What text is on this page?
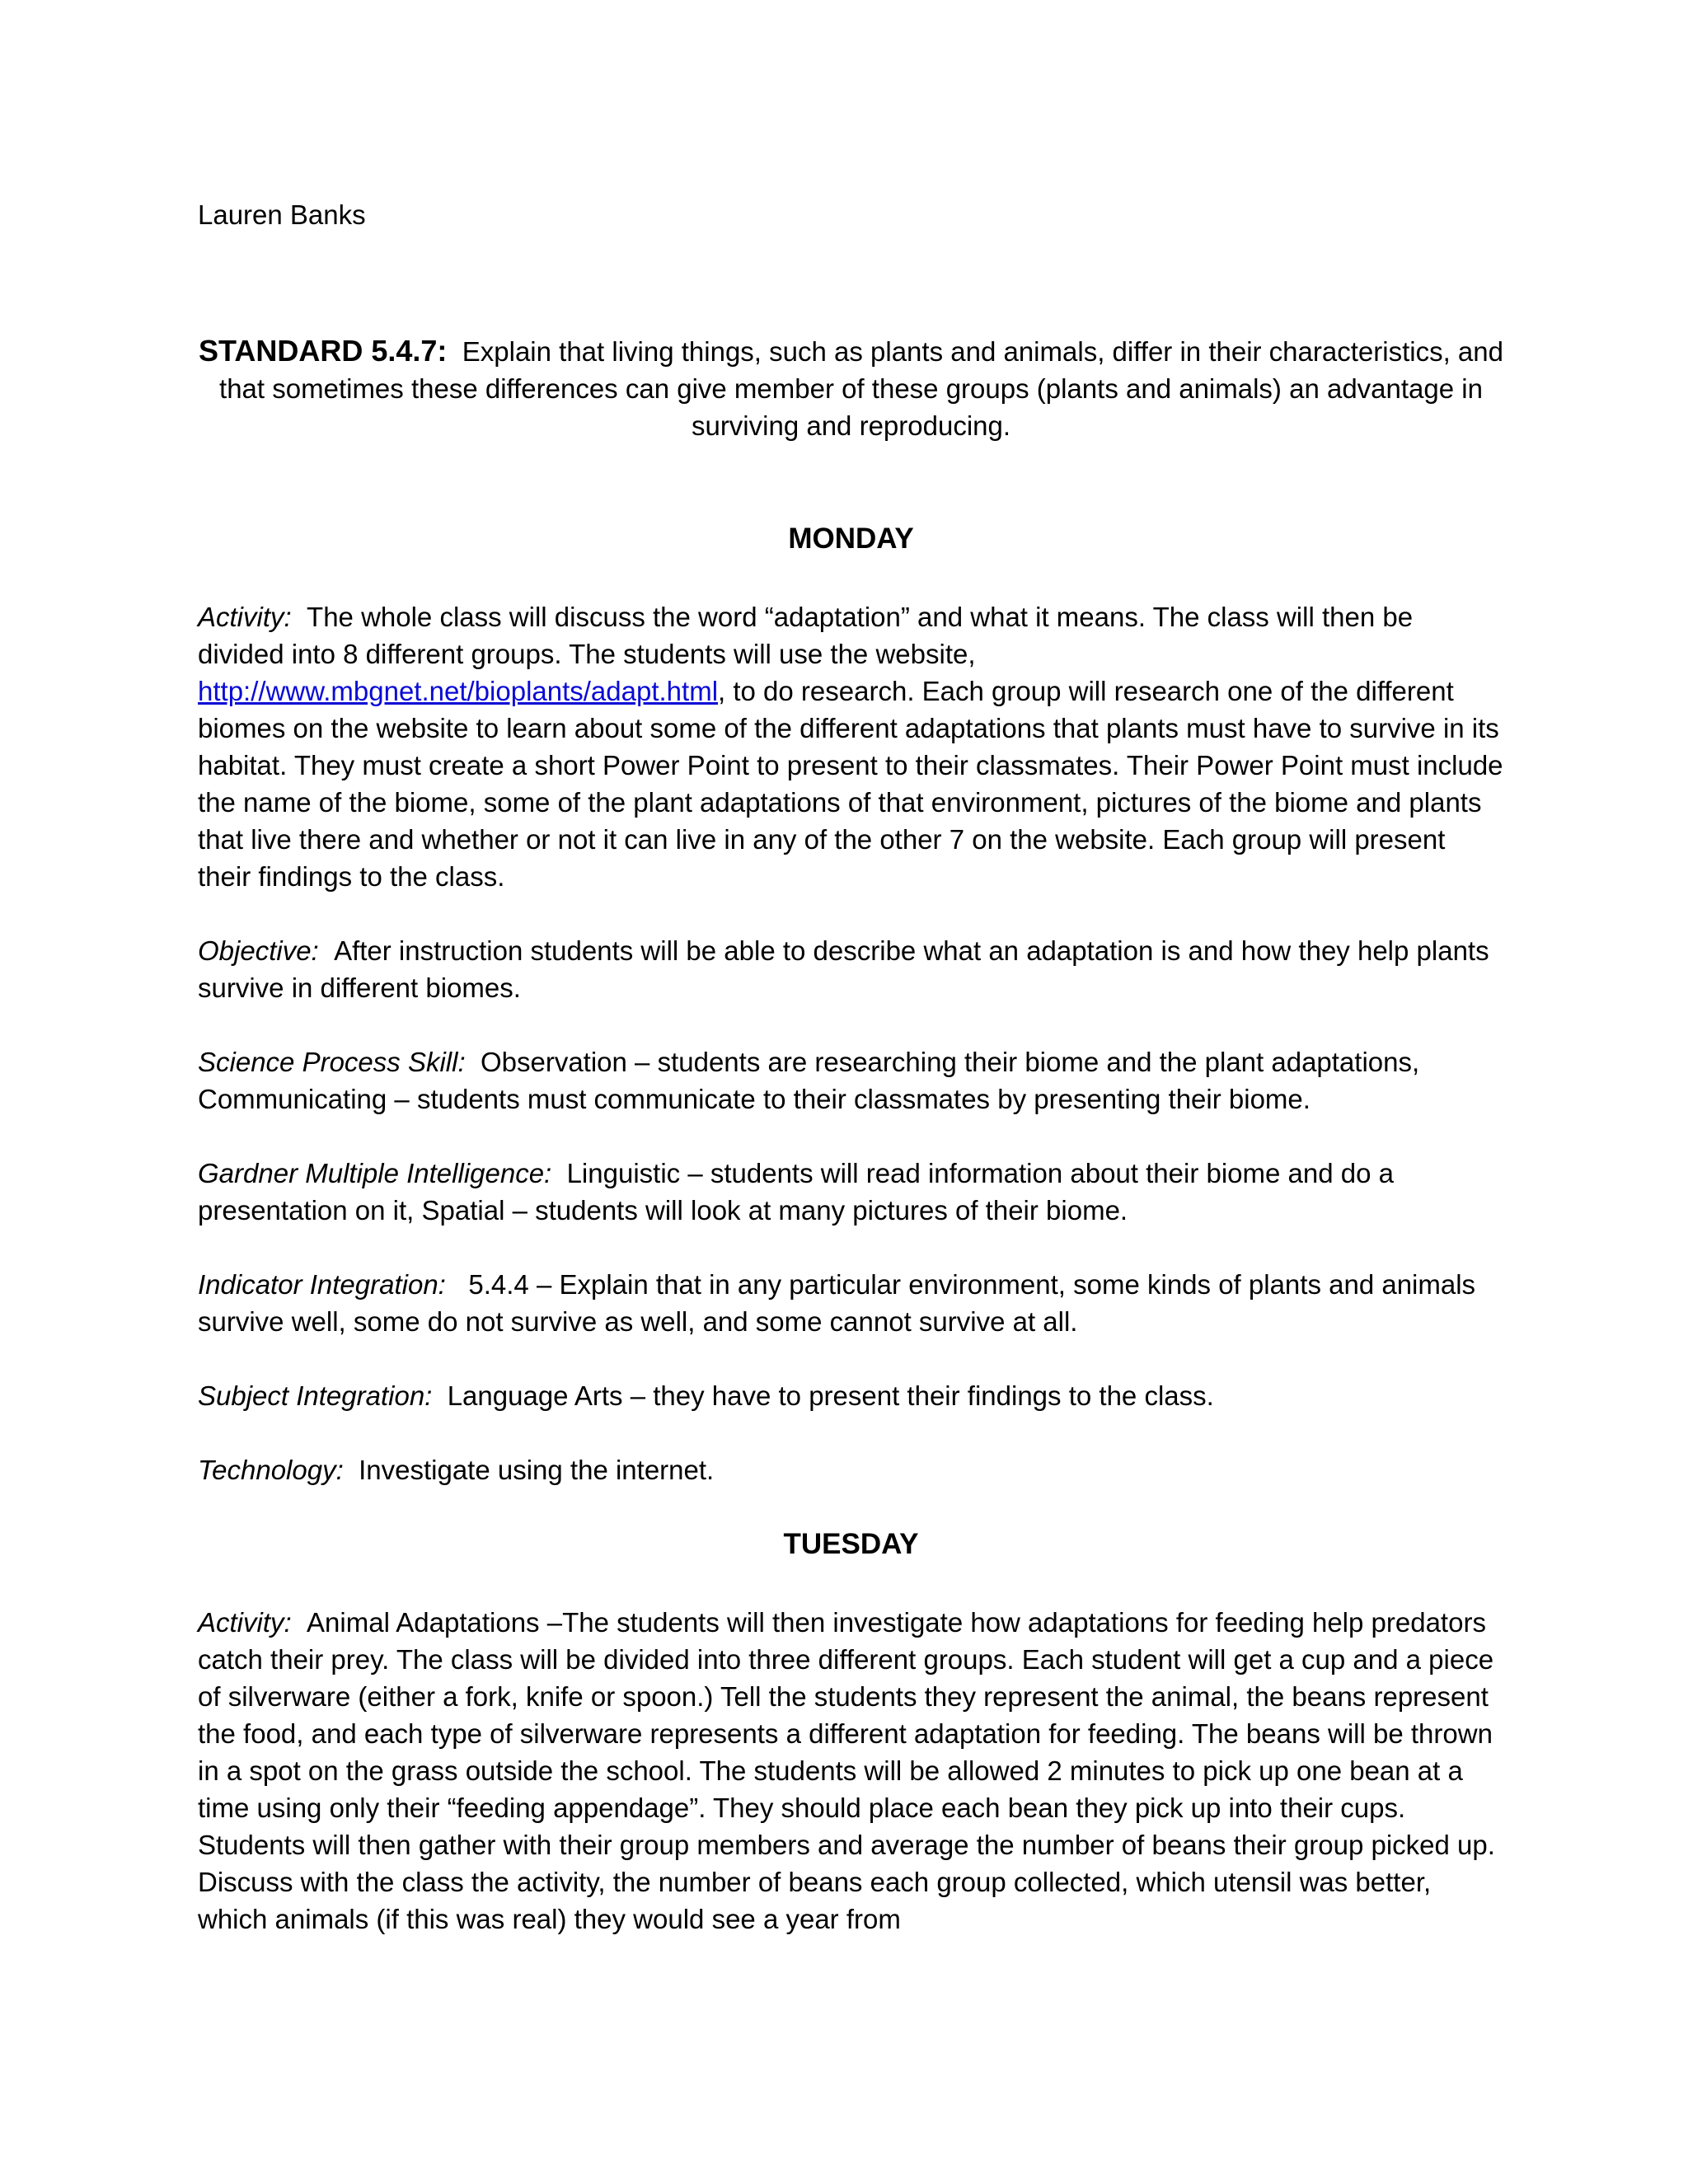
Lauren Banks

STANDARD 5.4.7: Explain that living things, such as plants and animals, differ in their characteristics, and that sometimes these differences can give member of these groups (plants and animals) an advantage in surviving and reproducing.

MONDAY

Activity: The whole class will discuss the word “adaptation” and what it means. The class will then be divided into 8 different groups. The students will use the website,
http://www.mbgnet.net/bioplants/adapt.html, to do research. Each group will research one of the different biomes on the website to learn about some of the different adaptations that plants must have to survive in its habitat. They must create a short Power Point to present to their classmates. Their Power Point must include the name of the biome, some of the plant adaptations of that environment, pictures of the biome and plants that live there and whether or not it can live in any of the other 7 on the website. Each group will present their findings to the class.

Objective: After instruction students will be able to describe what an adaptation is and how they help plants survive in different biomes.

Science Process Skill: Observation – students are researching their biome and the plant adaptations, Communicating – students must communicate to their classmates by presenting their biome.

Gardner Multiple Intelligence: Linguistic – students will read information about their biome and do a presentation on it, Spatial – students will look at many pictures of their biome.

Indicator Integration: 5.4.4 – Explain that in any particular environment, some kinds of plants and animals survive well, some do not survive as well, and some cannot survive at all.

Subject Integration: Language Arts – they have to present their findings to the class.

Technology: Investigate using the internet.

TUESDAY

Activity: Animal Adaptations –The students will then investigate how adaptations for feeding help predators catch their prey. The class will be divided into three different groups. Each student will get a cup and a piece of silverware (either a fork, knife or spoon.) Tell the students they represent the animal, the beans represent the food, and each type of silverware represents a different adaptation for feeding. The beans will be thrown in a spot on the grass outside the school. The students will be allowed 2 minutes to pick up one bean at a time using only their “feeding appendage”. They should place each bean they pick up into their cups. Students will then gather with their group members and average the number of beans their group picked up. Discuss with the class the activity, the number of beans each group collected, which utensil was better, which animals (if this was real) they would see a year from
